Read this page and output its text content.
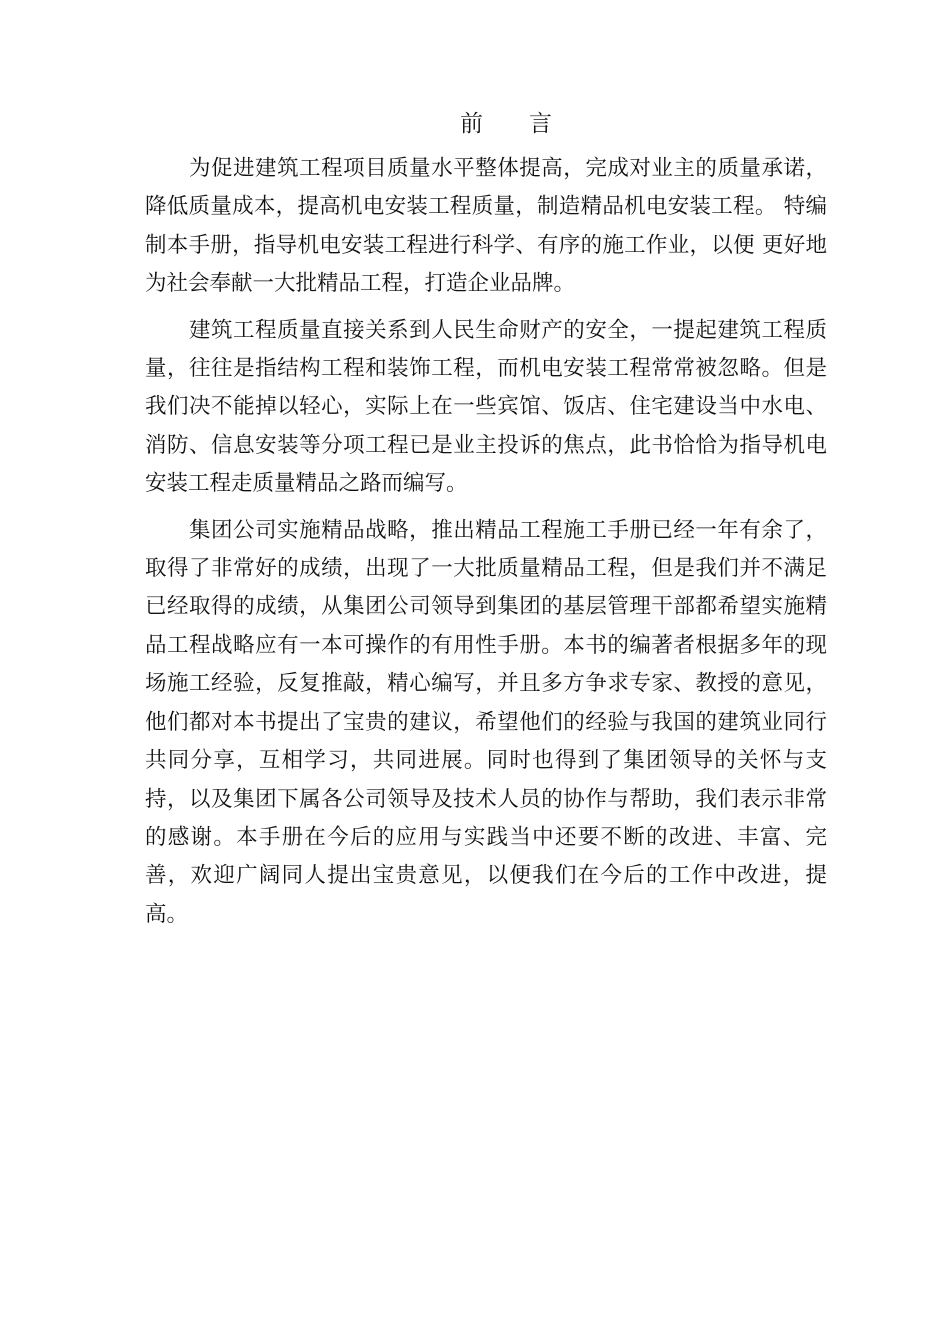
前言

为促进建筑工程项目质量水平整体提高，完成对业主的质量承诺，降低质量成本，提高机电安装工程质量，制造精品机电安装工程。 特编制本手册，指导机电安装工程进行科学、有序的施工作业，以便 更好地为社会奉献一大批精品工程，打造企业品牌。

建筑工程质量直接关系到人民生命财产的安全，一提起建筑工程质量，往往是指结构工程和装饰工程，而机电安装工程常常被忽略。但是我们决不能掉以轻心，实际上在一些宾馆、饭店、住宅建设当中水电、消防、信息安装等分项工程已是业主投诉的焦点，此书恰恰为指导机电安装工程走质量精品之路而编写。

集团公司实施精品战略，推出精品工程施工手册已经一年有余了，取得了非常好的成绩，出现了一大批质量精品工程，但是我们并不满足已经取得的成绩，从集团公司领导到集团的基层管理干部都希望实施精品工程战略应有一本可操作的有用性手册。本书的编著者根据多年的现场施工经验，反复推敲，精心编写，并且多方争求专家、教授的意见，他们都对本书提出了宝贵的建议，希望他们的经验与我国的建筑业同行共同分享，互相学习，共同进展。同时也得到了集团领导的关怀与支持，以及集团下属各公司领导及技术人员的协作与帮助，我们表示非常的感谢。本手册在今后的应用与实践当中还要不断的改进、丰富、完善，欢迎广阔同人提出宝贵意见，以便我们在今后的工作中改进，提高。
